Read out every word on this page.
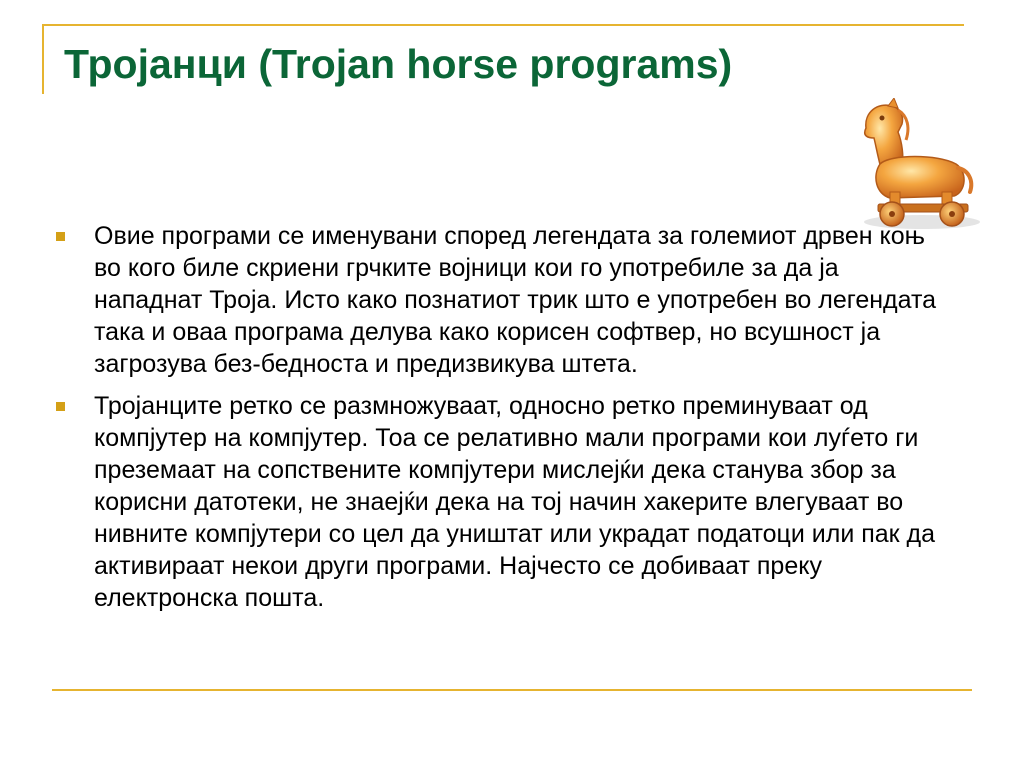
Тројанци (Trojan horse programs)
Овие програми се именувани според легендата за големиот дрвен коњ во кого биле скриени грчките војници кои го употребиле за да ја нападнат Троја. Исто како познатиот трик што е употребен во легендата така и оваа програма делува како корисен софтвер, но всушност ја загрозува без-бедноста и предизвикува штета.
Тројанците ретко се размножуваат, односно ретко преминуваат од компјутер на компјутер. Тоа се релативно мали програми кои луѓето ги преземаат на сопствените компјутери мислејќи дека станува збор за корисни датотеки, не знаејќи дека на тој начин хакерите влегуваат во нивните компјутери со цел да уништат или украдат податоци или пак да активираат некои други програми. Најчесто се добиваат преку електронска пошта.
